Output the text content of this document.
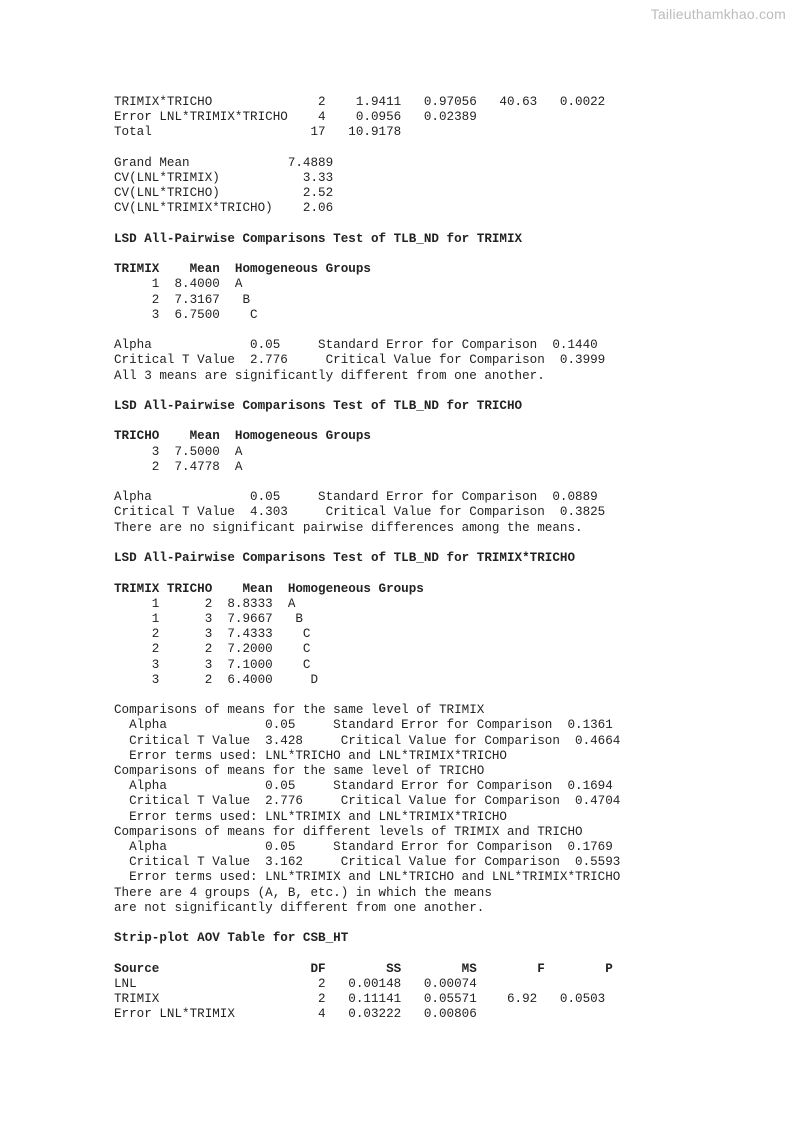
Tailieuthamkhao.com
TRIMIX*TRICHO              2    1.9411   0.97056   40.63   0.0022
Error LNL*TRIMIX*TRICHO    4    0.0956   0.02389
Total                     17   10.9178

Grand Mean             7.4889
CV(LNL*TRIMIX)           3.33
CV(LNL*TRICHO)           2.52
CV(LNL*TRIMIX*TRICHO)    2.06

LSD All-Pairwise Comparisons Test of TLB_ND for TRIMIX

TRIMIX    Mean  Homogeneous Groups
1  8.4000  A
2  7.3167   B
3  6.7500    C

Alpha             0.05     Standard Error for Comparison  0.1440
Critical T Value  2.776     Critical Value for Comparison  0.3999
All 3 means are significantly different from one another.

LSD All-Pairwise Comparisons Test of TLB_ND for TRICHO

TRICHO    Mean  Homogeneous Groups
3  7.5000  A
2  7.4778  A

Alpha             0.05     Standard Error for Comparison  0.0889
Critical T Value  4.303     Critical Value for Comparison  0.3825
There are no significant pairwise differences among the means.

LSD All-Pairwise Comparisons Test of TLB_ND for TRIMIX*TRICHO

TRIMIX TRICHO    Mean  Homogeneous Groups
1      2  8.8333  A
1      3  7.9667   B
2      3  7.4333    C
2      2  7.2000    C
3      3  7.1000    C
3      2  6.4000     D

Comparisons of means for the same level of TRIMIX
Alpha             0.05     Standard Error for Comparison  0.1361
Critical T Value  3.428     Critical Value for Comparison  0.4664
Error terms used: LNL*TRICHO and LNL*TRIMIX*TRICHO
Comparisons of means for the same level of TRICHO
Alpha             0.05     Standard Error for Comparison  0.1694
Critical T Value  2.776     Critical Value for Comparison  0.4704
Error terms used: LNL*TRIMIX and LNL*TRIMIX*TRICHO
Comparisons of means for different levels of TRIMIX and TRICHO
Alpha             0.05     Standard Error for Comparison  0.1769
Critical T Value  3.162     Critical Value for Comparison  0.5593
Error terms used: LNL*TRIMIX and LNL*TRICHO and LNL*TRIMIX*TRICHO
There are 4 groups (A, B, etc.) in which the means
are not significantly different from one another.

Strip-plot AOV Table for CSB_HT

Source                    DF        SS        MS        F        P
LNL                        2   0.00148   0.00074
TRIMIX                     2   0.11141   0.05571    6.92   0.0503
Error LNL*TRIMIX           4   0.03222   0.00806
